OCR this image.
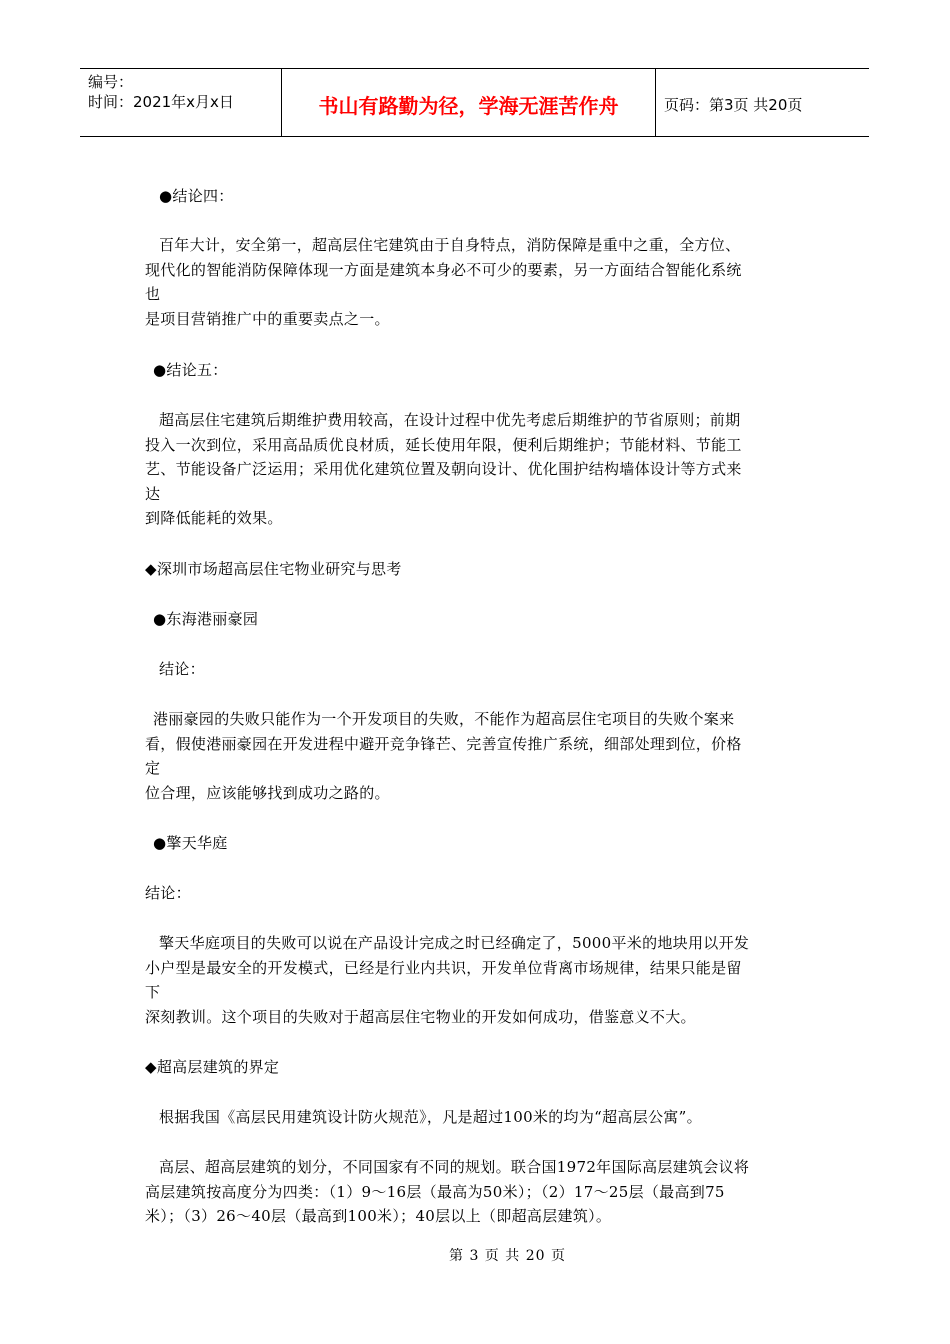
编号：
时间：2021年x月x日	书山有路勤为径，学海无涯苦作舟	页码：第3页 共20页
●结论四：
百年大计，安全第一，超高层住宅建筑由于自身特点，消防保障是重中之重，全方位、
现代化的智能消防保障体现一方面是建筑本身必不可少的要素，另一方面结合智能化系统
也
是项目营销推广中的重要卖点之一。
●结论五：
超高层住宅建筑后期维护费用较高，在设计过程中优先考虑后期维护的节省原则；前期
投入一次到位，采用高品质优良材质，延长使用年限，便利后期维护；节能材料、节能工
艺、节能设备广泛运用；采用优化建筑位置及朝向设计、优化围护结构墙体设计等方式来
达
到降低能耗的效果。
◆深圳市场超高层住宅物业研究与思考
●东海港丽豪园
结论：
港丽豪园的失败只能作为一个开发项目的失败，不能作为超高层住宅项目的失败个案来
看，假使港丽豪园在开发进程中避开竞争锋芒、完善宣传推广系统，细部处理到位，价格
定
位合理，应该能够找到成功之路的。
●擎天华庭
结论：
擎天华庭项目的失败可以说在产品设计完成之时已经确定了，5000平米的地块用以开发
小户型是最安全的开发模式，已经是行业内共识，开发单位背离市场规律，结果只能是留
下
深刻教训。这个项目的失败对于超高层住宅物业的开发如何成功，借鉴意义不大。
◆超高层建筑的界定
根据我国《高层民用建筑设计防火规范》，凡是超过100米的均为“超高层公寓”。
高层、超高层建筑的划分，不同国家有不同的规划。联合国1972年国际高层建筑会议将
高层建筑按高度分为四类：（1）9～16层（最高为50米）；（2）17～25层（最高到75
米）；（3）26～40层（最高到100米）；40层以上（即超高层建筑）。
第 3 页 共 20 页
